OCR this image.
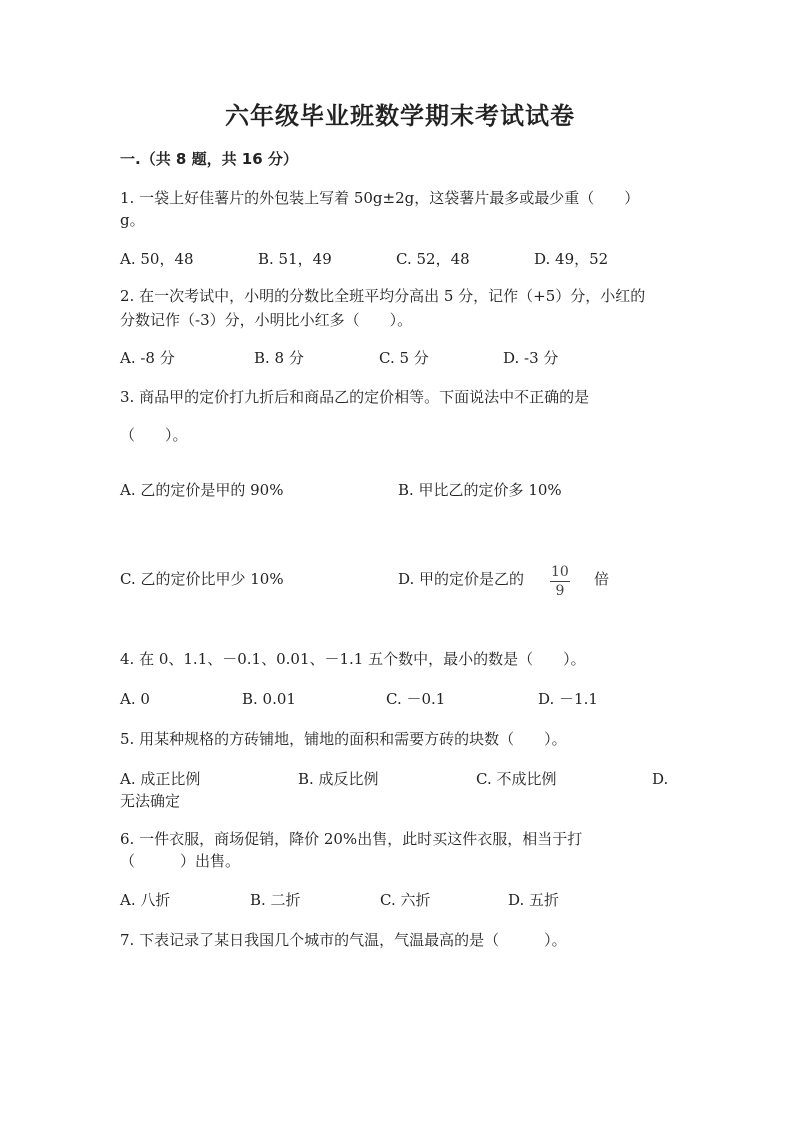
六年级毕业班数学期末考试试卷
一.（共 8 题，共 16 分）
1. 一袋上好佳薯片的外包装上写着 50g±2g，这袋薯片最多或最少重（　　）
g。
A. 50，48	B. 51，49	C. 52，48	D. 49，52
2. 在一次考试中，小明的分数比全班平均分高出 5 分，记作（+5）分，小红的
分数记作（-3）分，小明比小红多（　　）。
A. -8 分	B. 8 分	C. 5 分	D. -3 分
3. 商品甲的定价打九折后和商品乙的定价相等。下面说法中不正确的是
（　　）。
A. 乙的定价是甲的 90%	B. 甲比乙的定价多 10%
C. 乙的定价比甲少 10%	D. 甲的定价是乙的 10
9
倍
4. 在 0、1.1、－0.1、0.01、－1.1 五个数中，最小的数是（　　）。
A. 0	B. 0.01	C. －0.1	D. －1.1
5. 用某种规格的方砖铺地，铺地的面积和需要方砖的块数（　　）。
A. 成正比例	B. 成反比例	C. 不成比例	D.
无法确定
6. 一件衣服，商场促销，降价 20%出售，此时买这件衣服，相当于打
（　　　）出售。
A. 八折	B. 二折	C. 六折	D. 五折
7. 下表记录了某日我国几个城市的气温，气温最高的是（　　　）。
